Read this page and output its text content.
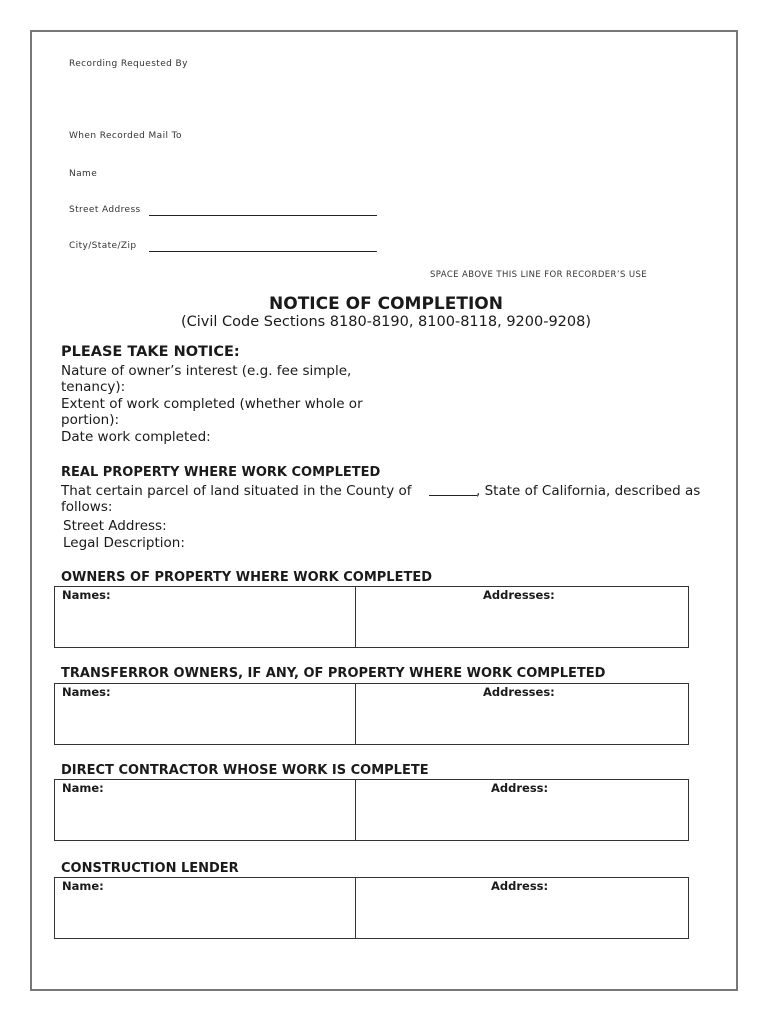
Recording Requested By
When Recorded Mail To
Name
Street Address
City/State/Zip
SPACE ABOVE THIS LINE FOR RECORDER’S USE
NOTICE OF COMPLETION
(Civil Code Sections 8180-8190, 8100-8118, 9200-9208)
PLEASE TAKE NOTICE:
Nature of owner’s interest (e.g. fee simple,
tenancy):
Extent of work completed (whether whole or
portion):
Date work completed:
REAL PROPERTY WHERE WORK COMPLETED
That certain parcel of land situated in the County of	, State of California, described as
follows:
Street Address:
Legal Description:
OWNERS OF PROPERTY WHERE WORK COMPLETED
Names:	Addresses:
TRANSFERROR OWNERS, IF ANY, OF PROPERTY WHERE WORK COMPLETED
Names:	Addresses:
DIRECT CONTRACTOR WHOSE WORK IS COMPLETE
Name:	Address:
CONSTRUCTION LENDER
Name:	Address:
